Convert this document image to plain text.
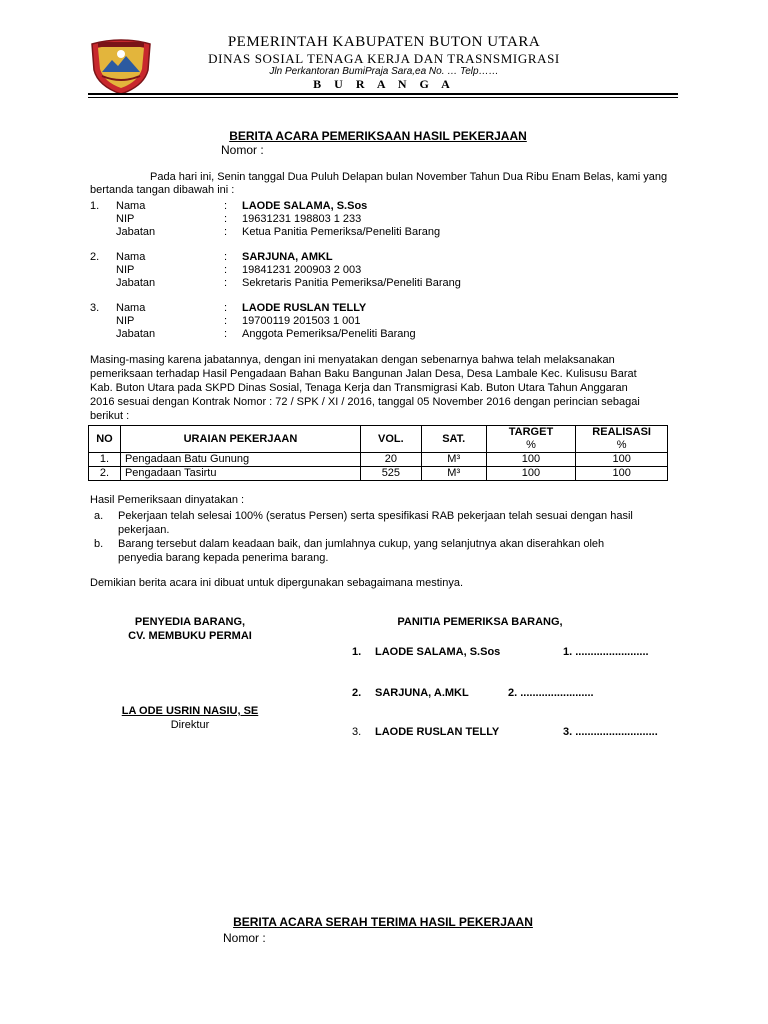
PEMERINTAH KABUPATEN BUTON UTARA
DINAS SOSIAL TENAGA KERJA DAN TRASNSMIGRASI
Jln Perkantoran BumiPraja Sara,ea No. … Telp……
B U R A N G A
BERITA ACARA PEMERIKSAAN HASIL PEKERJAAN
Nomor :
Pada hari ini, Senin tanggal Dua Puluh Delapan bulan November Tahun Dua Ribu Enam Belas, kami yang
bertanda tangan dibawah ini :
1. Nama	: LAODE SALAMA, S.Sos
NIP	: 19631231 198803 1 233
Jabatan	: Ketua Panitia Pemeriksa/Peneliti Barang
2. Nama	: SARJUNA, AMKL
NIP	: 19841231 200903 2 003
Jabatan	: Sekretaris Panitia Pemeriksa/Peneliti Barang
3. Nama	: LAODE RUSLAN TELLY
NIP	: 19700119 201503 1 001
Jabatan	: Anggota Pemeriksa/Peneliti Barang
Masing-masing karena jabatannya, dengan ini menyatakan dengan sebenarnya bahwa telah melaksanakan
pemeriksaan terhadap Hasil Pengadaan Bahan Baku Bangunan Jalan Desa, Desa Lambale Kec. Kulisusu Barat
Kab. Buton Utara pada SKPD Dinas Sosial, Tenaga Kerja dan Transmigrasi Kab. Buton Utara Tahun Anggaran
2016 sesuai dengan Kontrak Nomor : 72 / SPK / XI / 2016, tanggal 05 November 2016 dengan perincian sebagai
berikut :
NO	URAIAN PEKERJAAN	VOL.	SAT.	TARGET	REALISASI
				%	%
1.	Pengadaan Batu Gunung	20	M³	100	100
2.	Pengadaan Tasirtu	525	M³	100	100
Hasil Pemeriksaan dinyatakan :
a. Pekerjaan telah selesai 100% (seratus Persen) serta spesifikasi RAB pekerjaan telah sesuai dengan hasil
pekerjaan.
b. Barang tersebut dalam keadaan baik, dan jumlahnya cukup, yang selanjutnya akan diserahkan oleh
penyedia barang kepada penerima barang.
Demikian berita acara ini dibuat untuk dipergunakan sebagaimana mestinya.
PENYEDIA BARANG,
CV. MEMBUKU PERMAI
LA ODE USRIN NASIU, SE
Direktur
PANITIA PEMERIKSA BARANG,
1. LAODE SALAMA, S.Sos	1. ........................
2. SARJUNA, A.MKL	2. ........................
3. LAODE RUSLAN TELLY	3. ...........................
BERITA ACARA SERAH TERIMA HASIL PEKERJAAN
Nomor :
